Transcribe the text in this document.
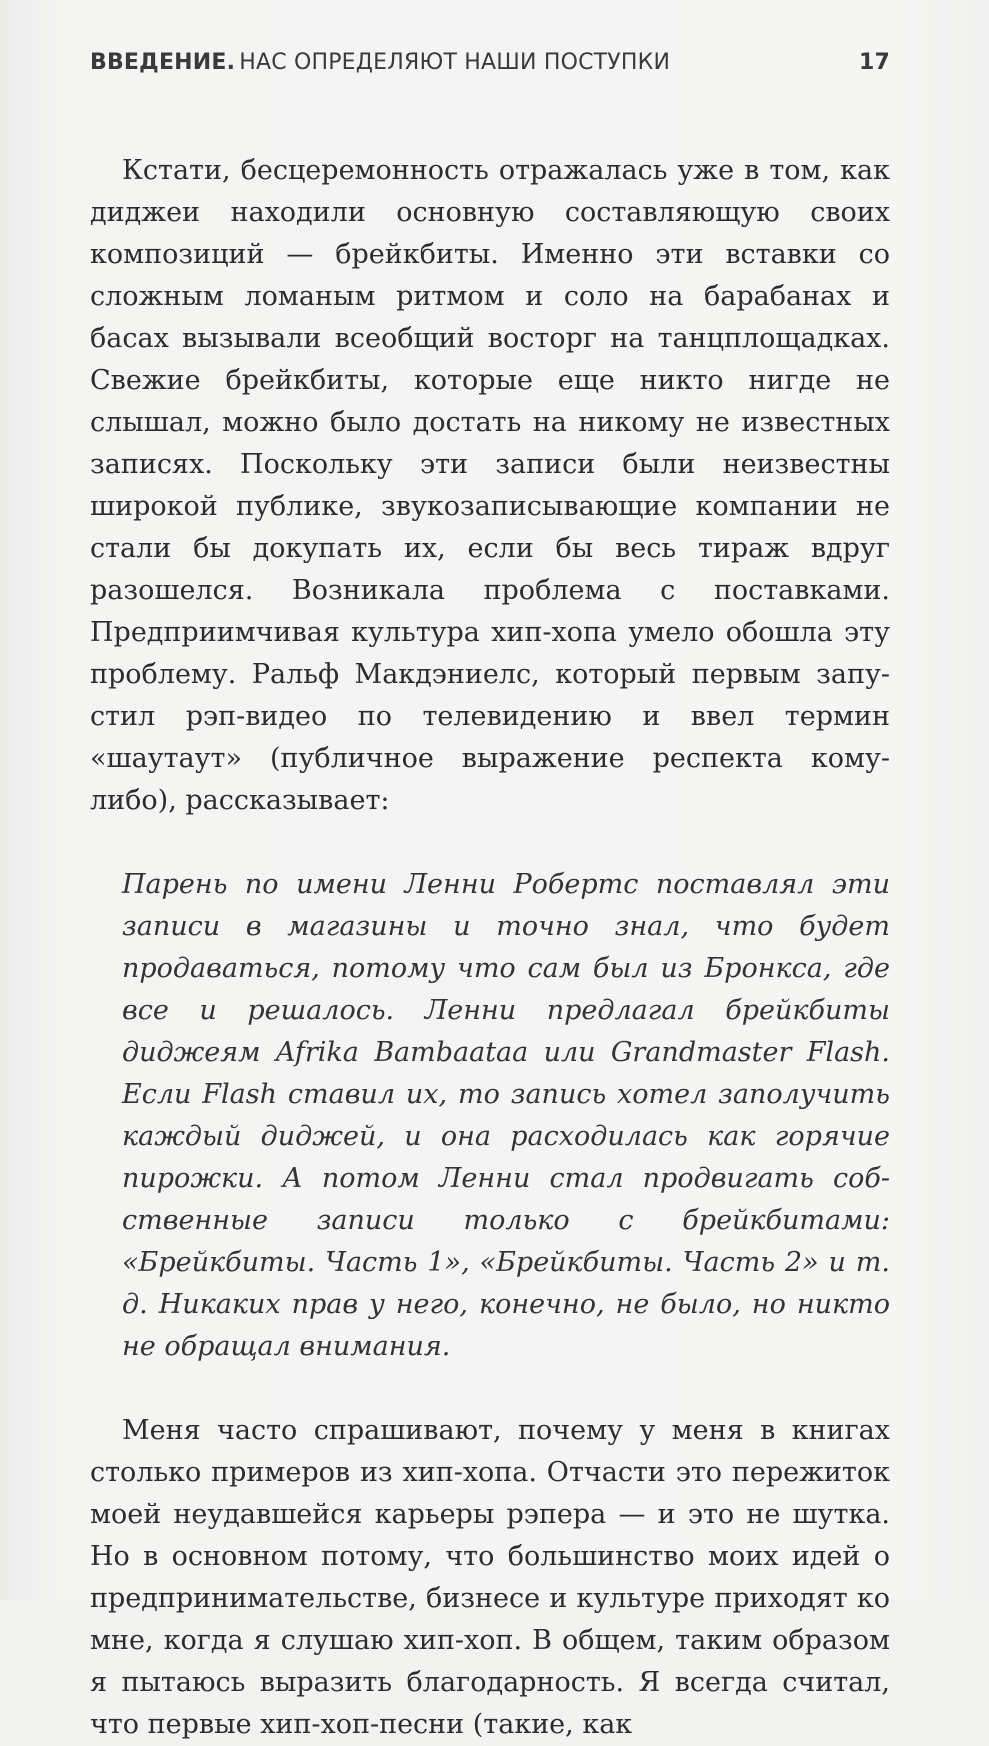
ВВЕДЕНИЕ. НАС ОПРЕДЕЛЯЮТ НАШИ ПОСТУПКИ	17

Кстати, бесцеремонность отражалась уже в том, как диджеи находили основную составляющую своих композиций — брейкбиты. Именно эти вставки со сложным ломаным ритмом и соло на барабанах и басах вызывали всеобщий восторг на танцплощадках. Свежие брейкбиты, которые еще никто нигде не слышал, можно было достать на никому не известных записях. Поскольку эти записи были неизвестны широкой публике, звукозаписывающие компании не стали бы докупать их, если бы весь тираж вдруг разошелся. Возникала проблема с поставками. Предприимчивая культура хип-хопа умело обошла эту проблему. Ральф Макдэниелс, который первым запустил рэп-видео по телевидению и ввел термин «шаутаут» (публичное выражение респекта кому-либо), рассказывает:

Парень по имени Ленни Робертс поставлял эти записи в магазины и точно знал, что будет продаваться, потому что сам был из Бронкса, где все и решалось. Ленни предлагал брейкбиты диджеям Afrika Bambaataa или Grandmaster Flash. Если Flash ставил их, то запись хотел заполучить каждый диджей, и она расходилась как горячие пирожки. А потом Ленни стал продвигать собственные записи только с брейкбитами: «Брейкбиты. Часть 1», «Брейкбиты. Часть 2» и т. д. Никаких прав у него, конечно, не было, но никто не обращал внимания.

Меня часто спрашивают, почему у меня в книгах столько примеров из хип-хопа. Отчасти это пережиток моей неудавшейся карьеры рэпера — и это не шутка. Но в основном потому, что большинство моих идей о предпринимательстве, бизнесе и культуре приходят ко мне, когда я слушаю хип-хоп. В общем, таким образом я пытаюсь выразить благодарность. Я всегда считал, что первые хип-хоп-песни (такие, как
